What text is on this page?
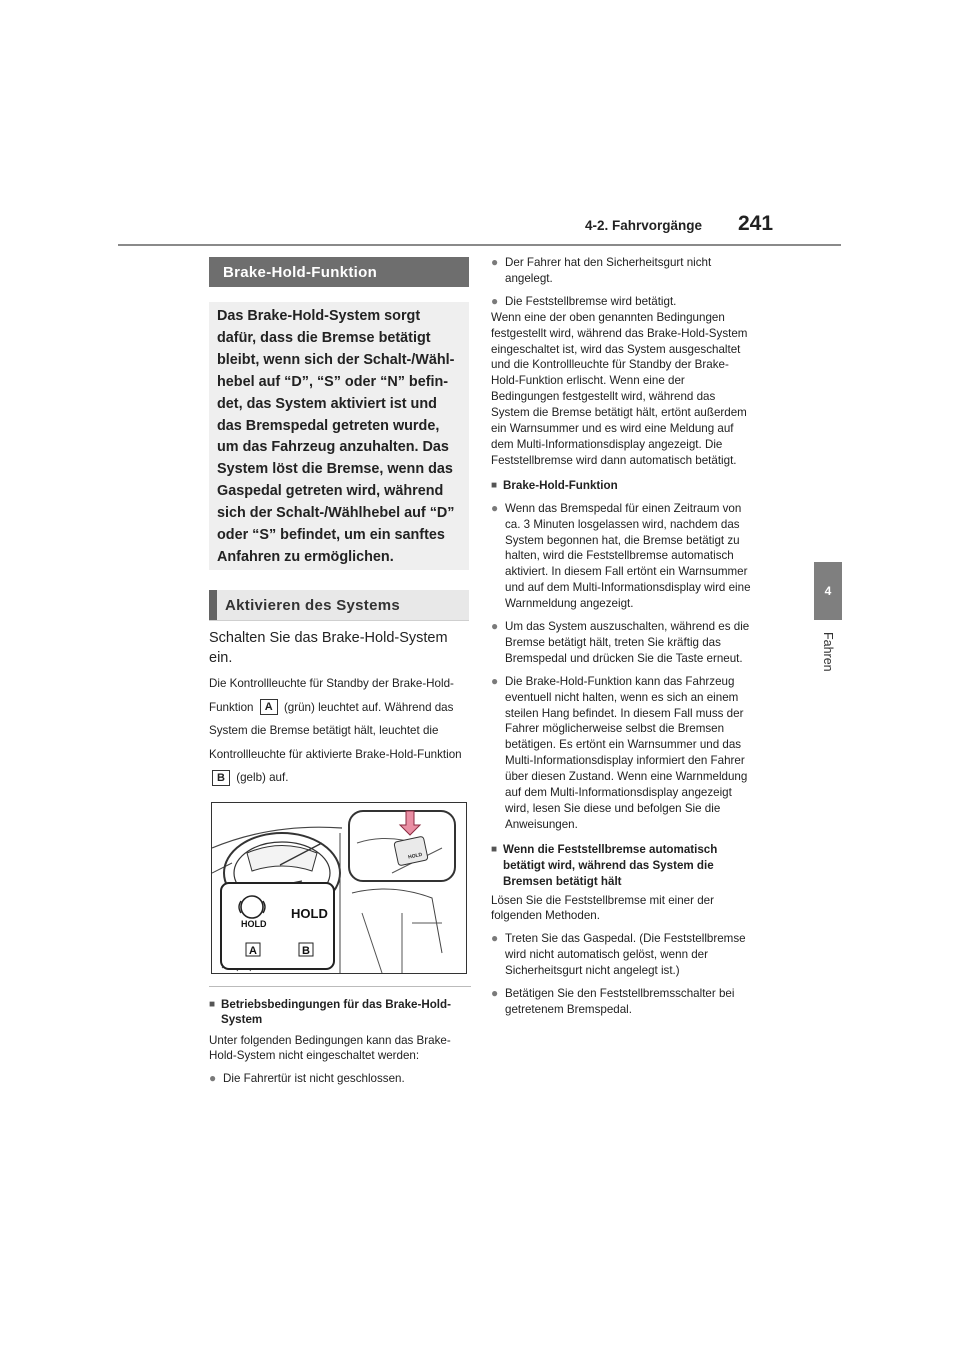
4-2. Fahrvorgänge 241
4
Fahren
Brake-Hold-Funktion
Das Brake-Hold-System sorgt dafür, dass die Bremse betätigt bleibt, wenn sich der Schalt-/Wähl-hebel auf “D”, “S” oder “N” befin-det, das System aktiviert ist und das Bremspedal getreten wurde, um das Fahrzeug anzuhalten. Das System löst die Bremse, wenn das Gaspedal getreten wird, während sich der Schalt-/Wählhebel auf “D” oder “S” befindet, um ein sanftes Anfahren zu ermöglichen.
Aktivieren des Systems
Schalten Sie das Brake-Hold-System ein.
Die Kontrollleuchte für Standby der Brake-Hold-Funktion A (grün) leuchtet auf. Während das System die Bremse betätigt hält, leuchtet die Kontrollleuchte für aktivierte Brake-Hold-Funktion B (gelb) auf.
HOLD
HOLD
HOLD
A	B
■ Betriebsbedingungen für das Brake-Hold-System

Unter folgenden Bedingungen kann das Brake-Hold-System nicht eingeschaltet werden:

● Die Fahrertür ist nicht geschlossen.
● Der Fahrer hat den Sicherheitsgurt nicht angelegt.
● Die Feststellbremse wird betätigt.

Wenn eine der oben genannten Bedingungen festgestellt wird, während das Brake-Hold-System eingeschaltet ist, wird das System ausgeschaltet und die Kontrollleuchte für Standby der Brake-Hold-Funktion erlischt. Wenn eine der Bedingungen festgestellt wird, während das System die Bremse betätigt hält, ertönt außerdem ein Warnsummer und es wird eine Meldung auf dem Multi-Informationsdisplay angezeigt. Die Feststellbremse wird dann automatisch betätigt.

■ Brake-Hold-Funktion
● Wenn das Bremspedal für einen Zeitraum von ca. 3 Minuten losgelassen wird, nachdem das System begonnen hat, die Bremse betätigt zu halten, wird die Feststellbremse automatisch aktiviert. In diesem Fall ertönt ein Warnsummer und auf dem Multi-Informationsdisplay wird eine Warnmeldung angezeigt.
● Um das System auszuschalten, während es die Bremse betätigt hält, treten Sie kräftig das Bremspedal und drücken Sie die Taste erneut.
● Die Brake-Hold-Funktion kann das Fahrzeug eventuell nicht halten, wenn es sich an einem steilen Hang befindet. In diesem Fall muss der Fahrer möglicherweise selbst die Bremsen betätigen. Es ertönt ein Warnsummer und das Multi-Informationsdisplay informiert den Fahrer über diesen Zustand. Wenn eine Warnmeldung auf dem Multi-Informationsdisplay angezeigt wird, lesen Sie diese und befolgen Sie die Anweisungen.
■ Wenn die Feststellbremse automatisch betätigt wird, während das System die Bremsen betätigt hält

Lösen Sie die Feststellbremse mit einer der folgenden Methoden.

● Treten Sie das Gaspedal. (Die Feststellbremse wird nicht automatisch gelöst, wenn der Sicherheitsgurt nicht angelegt ist.)
● Betätigen Sie den Feststellbremsschalter bei getretenem Bremspedal.
